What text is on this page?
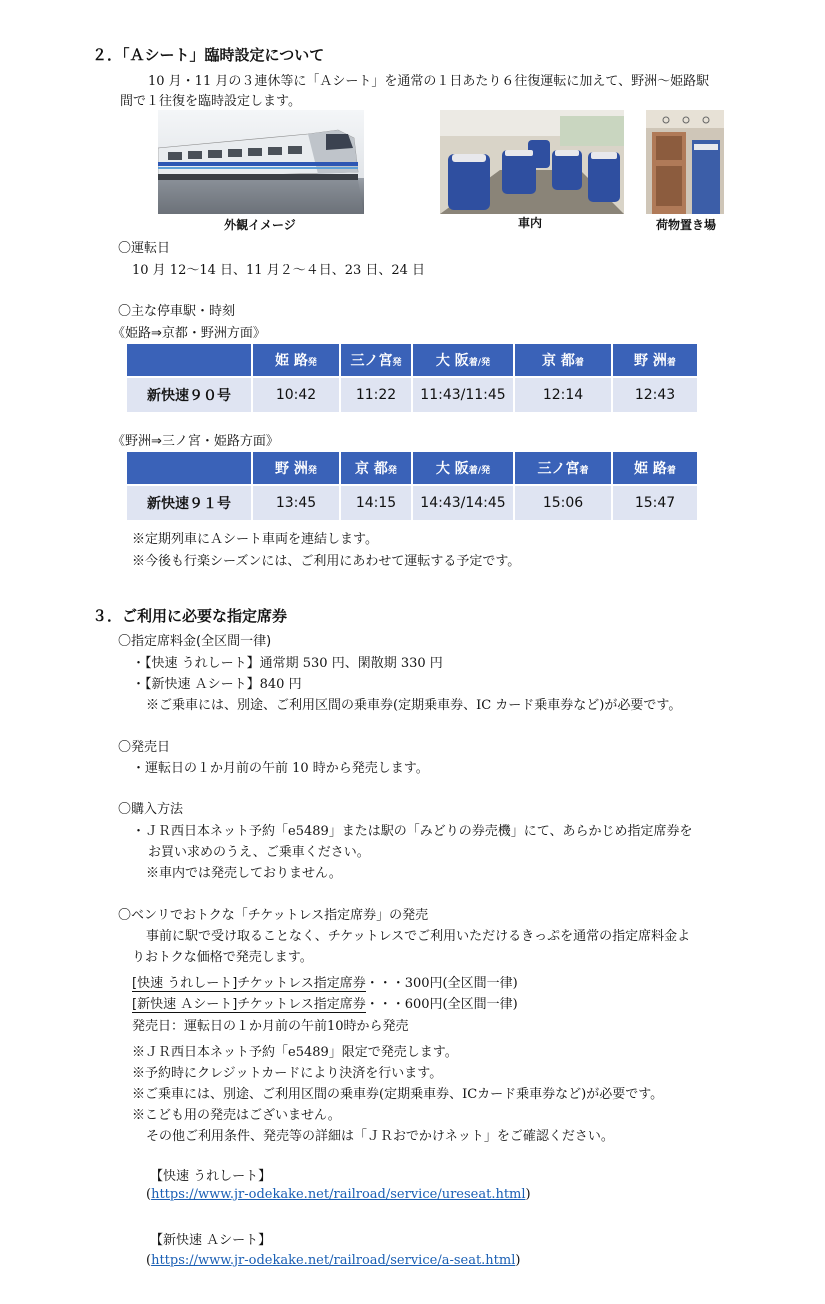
２．「Ａシート」臨時設定について
10 月・11 月の３連休等に「Ａシート」を通常の１日あたり６往復運転に加えて、野洲～姫路駅
間で１往復を臨時設定します。
外観イメージ	車内	荷物置き場
〇運転日
10 月 12～14 日、11 月２～４日、23 日、24 日
〇主な停車駅・時刻
《姫路⇒京都・野洲方面》
	姫 路発	三ノ宮発	大 阪着/発	京 都着	野 洲着
新快速９０号	10:42	11:22	11:43/11:45	12:14	12:43
《野洲⇒三ノ宮・姫路方面》
	野 洲発	京 都発	大 阪着/発	三ノ宮着	姫 路着
新快速９１号	13:45	14:15	14:43/14:45	15:06	15:47
※定期列車にＡシート車両を連結します。
※今後も行楽シーズンには、ご利用にあわせて運転する予定です。
３．ご利用に必要な指定席券
〇指定席料金(全区間一律)
・【快速 うれしート】通常期 530 円、閑散期 330 円
・【新快速 Ａシート】840 円
※ご乗車には、別途、ご利用区間の乗車券(定期乗車券、IC カード乗車券など)が必要です。
〇発売日
・運転日の１か月前の午前 10 時から発売します。
〇購入方法
・ＪＲ西日本ネット予約「e5489」または駅の「みどりの券売機」にて、あらかじめ指定席券を
お買い求めのうえ、ご乗車ください。
※車内では発売しておりません。
〇ベンリでおトクな「チケットレス指定席券」の発売
事前に駅で受け取ることなく、チケットレスでご利用いただけるきっぷを通常の指定席料金よ
りおトクな価格で発売します。
[快速 うれしート]チケットレス指定席券・・・300円(全区間一律)
[新快速 Ａシート]チケットレス指定席券・・・600円(全区間一律)
発売日：運転日の１か月前の午前10時から発売
※ＪＲ西日本ネット予約「e5489」限定で発売します。
※予約時にクレジットカードにより決済を行います。
※ご乗車には、別途、ご利用区間の乗車券(定期乗車券、ICカード乗車券など)が必要です。
※こども用の発売はございません。
その他ご利用条件、発売等の詳細は「ＪＲおでかけネット」をご確認ください。
【快速 うれしート】
(https://www.jr-odekake.net/railroad/service/ureseat.html)
【新快速 Ａシート】
(https://www.jr-odekake.net/railroad/service/a-seat.html)
